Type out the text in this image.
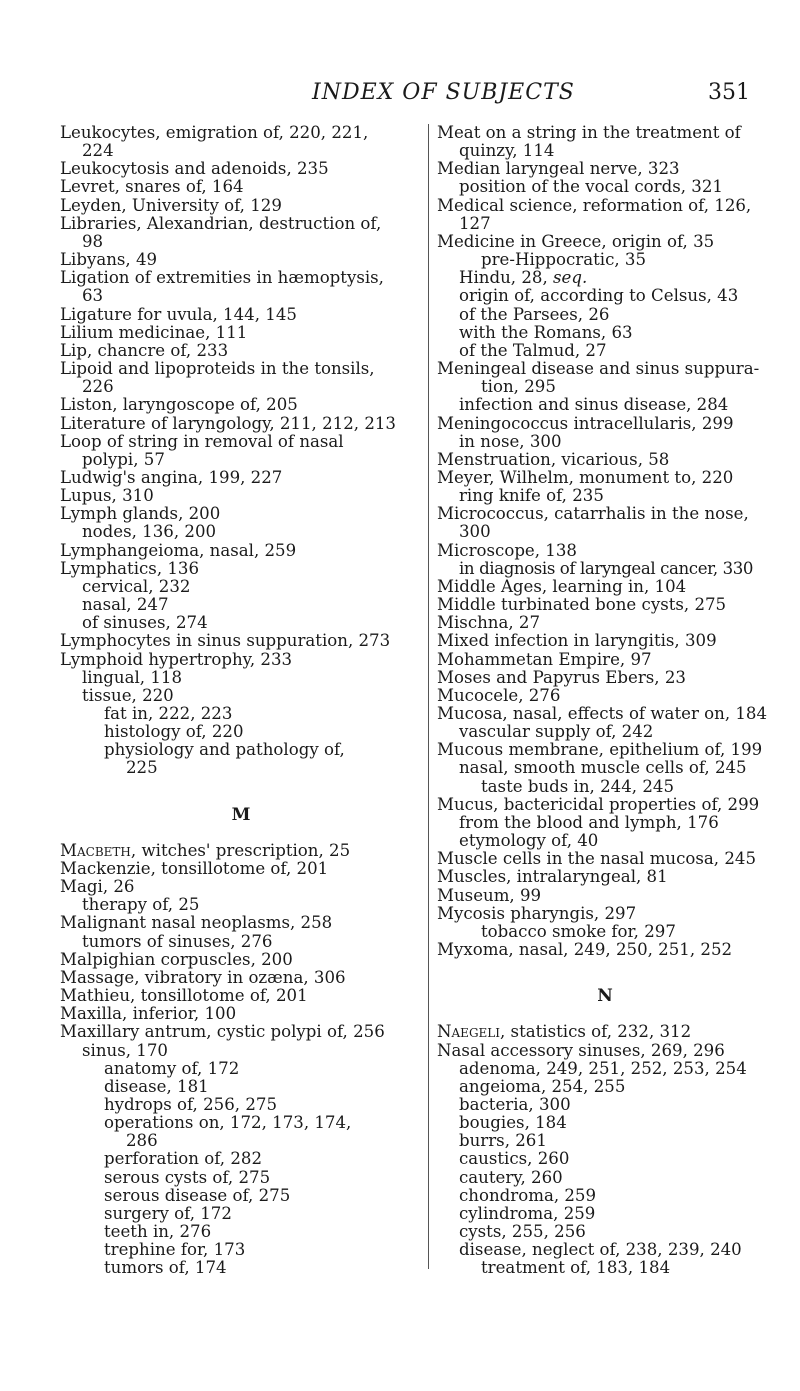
INDEX OF SUBJECTS	351
Leukocytes, emigration of, 220, 221,
224
Leukocytosis and adenoids, 235
Levret, snares of, 164
Leyden, University of, 129
Libraries, Alexandrian, destruction of,
98
Libyans, 49
Ligation of extremities in hæmoptysis,
63
Ligature for uvula, 144, 145
Lilium medicinae, 111
Lip, chancre of, 233
Lipoid and lipoproteids in the tonsils,
226
Liston, laryngoscope of, 205
Literature of laryngology, 211, 212, 213
Loop of string in removal of nasal
polypi, 57
Ludwig's angina, 199, 227
Lupus, 310
Lymph glands, 200
nodes, 136, 200
Lymphangeioma, nasal, 259
Lymphatics, 136
cervical, 232
nasal, 247
of sinuses, 274
Lymphocytes in sinus suppuration, 273
Lymphoid hypertrophy, 233
lingual, 118
tissue, 220
fat in, 222, 223
histology of, 220
physiology and pathology of,
225
M
Macbeth, witches' prescription, 25
Mackenzie, tonsillotome of, 201
Magi, 26
therapy of, 25
Malignant nasal neoplasms, 258
tumors of sinuses, 276
Malpighian corpuscles, 200
Massage, vibratory in ozæna, 306
Mathieu, tonsillotome of, 201
Maxilla, inferior, 100
Maxillary antrum, cystic polypi of, 256
sinus, 170
anatomy of, 172
disease, 181
hydrops of, 256, 275
operations on, 172, 173, 174,
286
perforation of, 282
serous cysts of, 275
serous disease of, 275
surgery of, 172
teeth in, 276
trephine for, 173
tumors of, 174
Meat on a string in the treatment of
quinzy, 114
Median laryngeal nerve, 323
position of the vocal cords, 321
Medical science, reformation of, 126,
127
Medicine in Greece, origin of, 35
pre-Hippocratic, 35
Hindu, 28, seq.
origin of, according to Celsus, 43
of the Parsees, 26
with the Romans, 63
of the Talmud, 27
Meningeal disease and sinus suppura-
tion, 295
infection and sinus disease, 284
Meningococcus intracellularis, 299
in nose, 300
Menstruation, vicarious, 58
Meyer, Wilhelm, monument to, 220
ring knife of, 235
Micrococcus, catarrhalis in the nose,
300
Microscope, 138
in diagnosis of laryngeal cancer, 330
Middle Ages, learning in, 104
Middle turbinated bone cysts, 275
Mischna, 27
Mixed infection in laryngitis, 309
Mohammetan Empire, 97
Moses and Papyrus Ebers, 23
Mucocele, 276
Mucosa, nasal, effects of water on, 184
vascular supply of, 242
Mucous membrane, epithelium of, 199
nasal, smooth muscle cells of, 245
taste buds in, 244, 245
Mucus, bactericidal properties of, 299
from the blood and lymph, 176
etymology of, 40
Muscle cells in the nasal mucosa, 245
Muscles, intralaryngeal, 81
Museum, 99
Mycosis pharyngis, 297
tobacco smoke for, 297
Myxoma, nasal, 249, 250, 251, 252
N
Naegeli, statistics of, 232, 312
Nasal accessory sinuses, 269, 296
adenoma, 249, 251, 252, 253, 254
angeioma, 254, 255
bacteria, 300
bougies, 184
burrs, 261
caustics, 260
cautery, 260
chondroma, 259
cylindroma, 259
cysts, 255, 256
disease, neglect of, 238, 239, 240
treatment of, 183, 184
